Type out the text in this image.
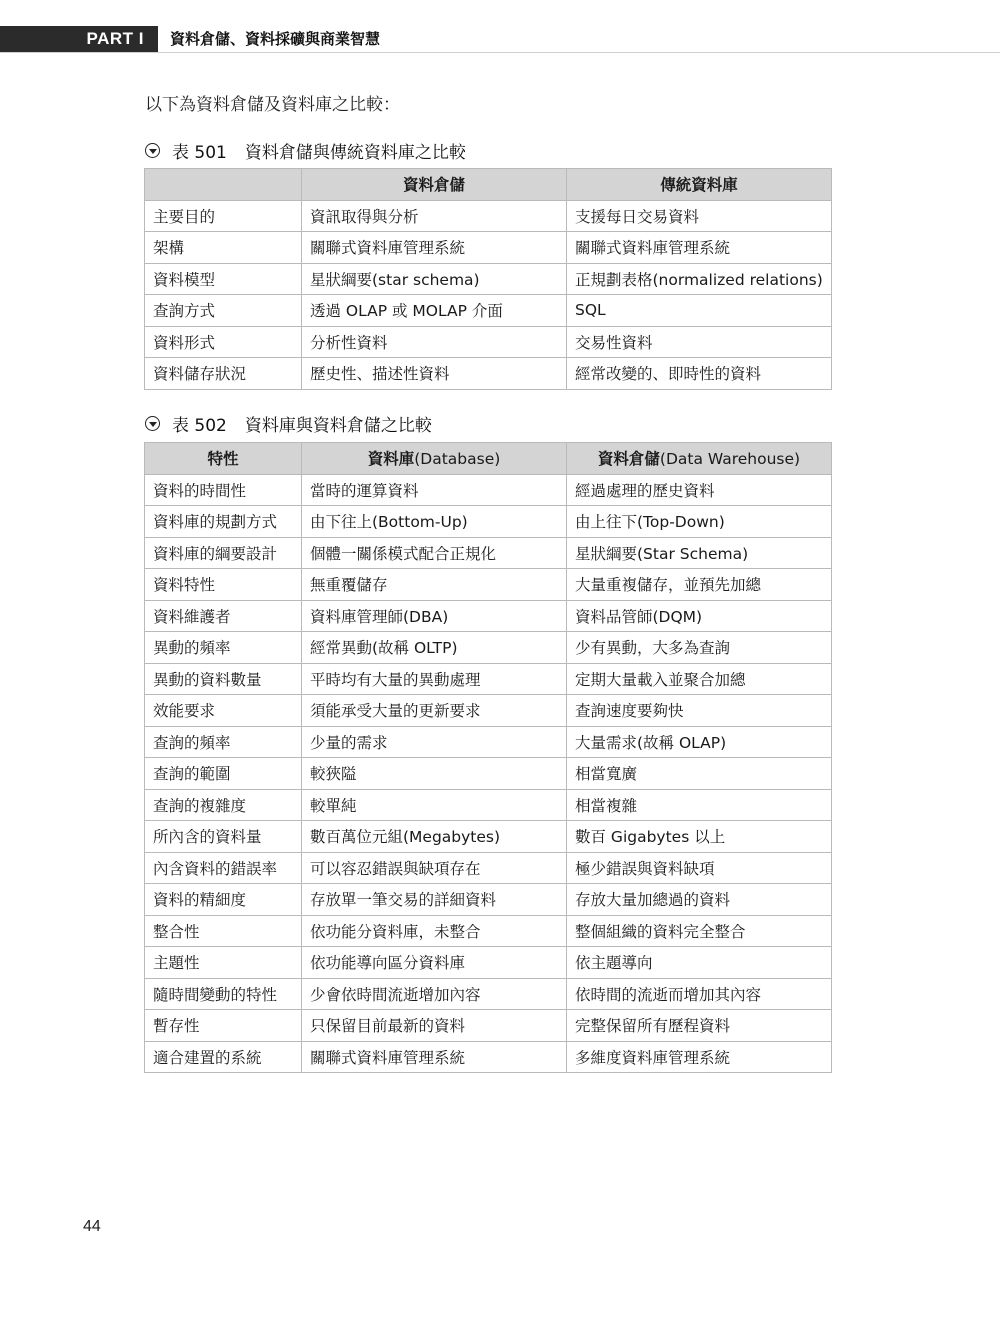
PART I	資料倉儲、資料採礦與商業智慧
以下為資料倉儲及資料庫之比較：
表 501 資料倉儲與傳統資料庫之比較
	資料倉儲	傳統資料庫
主要目的	資訊取得與分析	支援每日交易資料
架構	關聯式資料庫管理系統	關聯式資料庫管理系統
資料模型	星狀綱要(star schema)	正規劃表格(normalized relations)
查詢方式	透過 OLAP 或 MOLAP 介面	SQL
資料形式	分析性資料	交易性資料
資料儲存狀況	歷史性、描述性資料	經常改變的、即時性的資料
表 502 資料庫與資料倉儲之比較
特性	資料庫(Database)	資料倉儲(Data Warehouse)
資料的時間性	當時的運算資料	經過處理的歷史資料
資料庫的規劃方式	由下往上(Bottom-Up)	由上往下(Top-Down)
資料庫的綱要設計	個體一關係模式配合正規化	星狀綱要(Star Schema)
資料特性	無重覆儲存	大量重複儲存，並預先加總
資料維護者	資料庫管理師(DBA)	資料品管師(DQM)
異動的頻率	經常異動(故稱 OLTP)	少有異動，大多為查詢
異動的資料數量	平時均有大量的異動處理	定期大量載入並聚合加總
效能要求	須能承受大量的更新要求	查詢速度要夠快
查詢的頻率	少量的需求	大量需求(故稱 OLAP)
查詢的範圍	較狹隘	相當寬廣
查詢的複雜度	較單純	相當複雜
所內含的資料量	數百萬位元組(Megabytes)	數百 Gigabytes 以上
內含資料的錯誤率	可以容忍錯誤與缺項存在	極少錯誤與資料缺項
資料的精細度	存放單一筆交易的詳細資料	存放大量加總過的資料
整合性	依功能分資料庫，未整合	整個組織的資料完全整合
主題性	依功能導向區分資料庫	依主題導向
隨時間變動的特性	少會依時間流逝增加內容	依時間的流逝而增加其內容
暫存性	只保留目前最新的資料	完整保留所有歷程資料
適合建置的系統	關聯式資料庫管理系統	多維度資料庫管理系統
44
